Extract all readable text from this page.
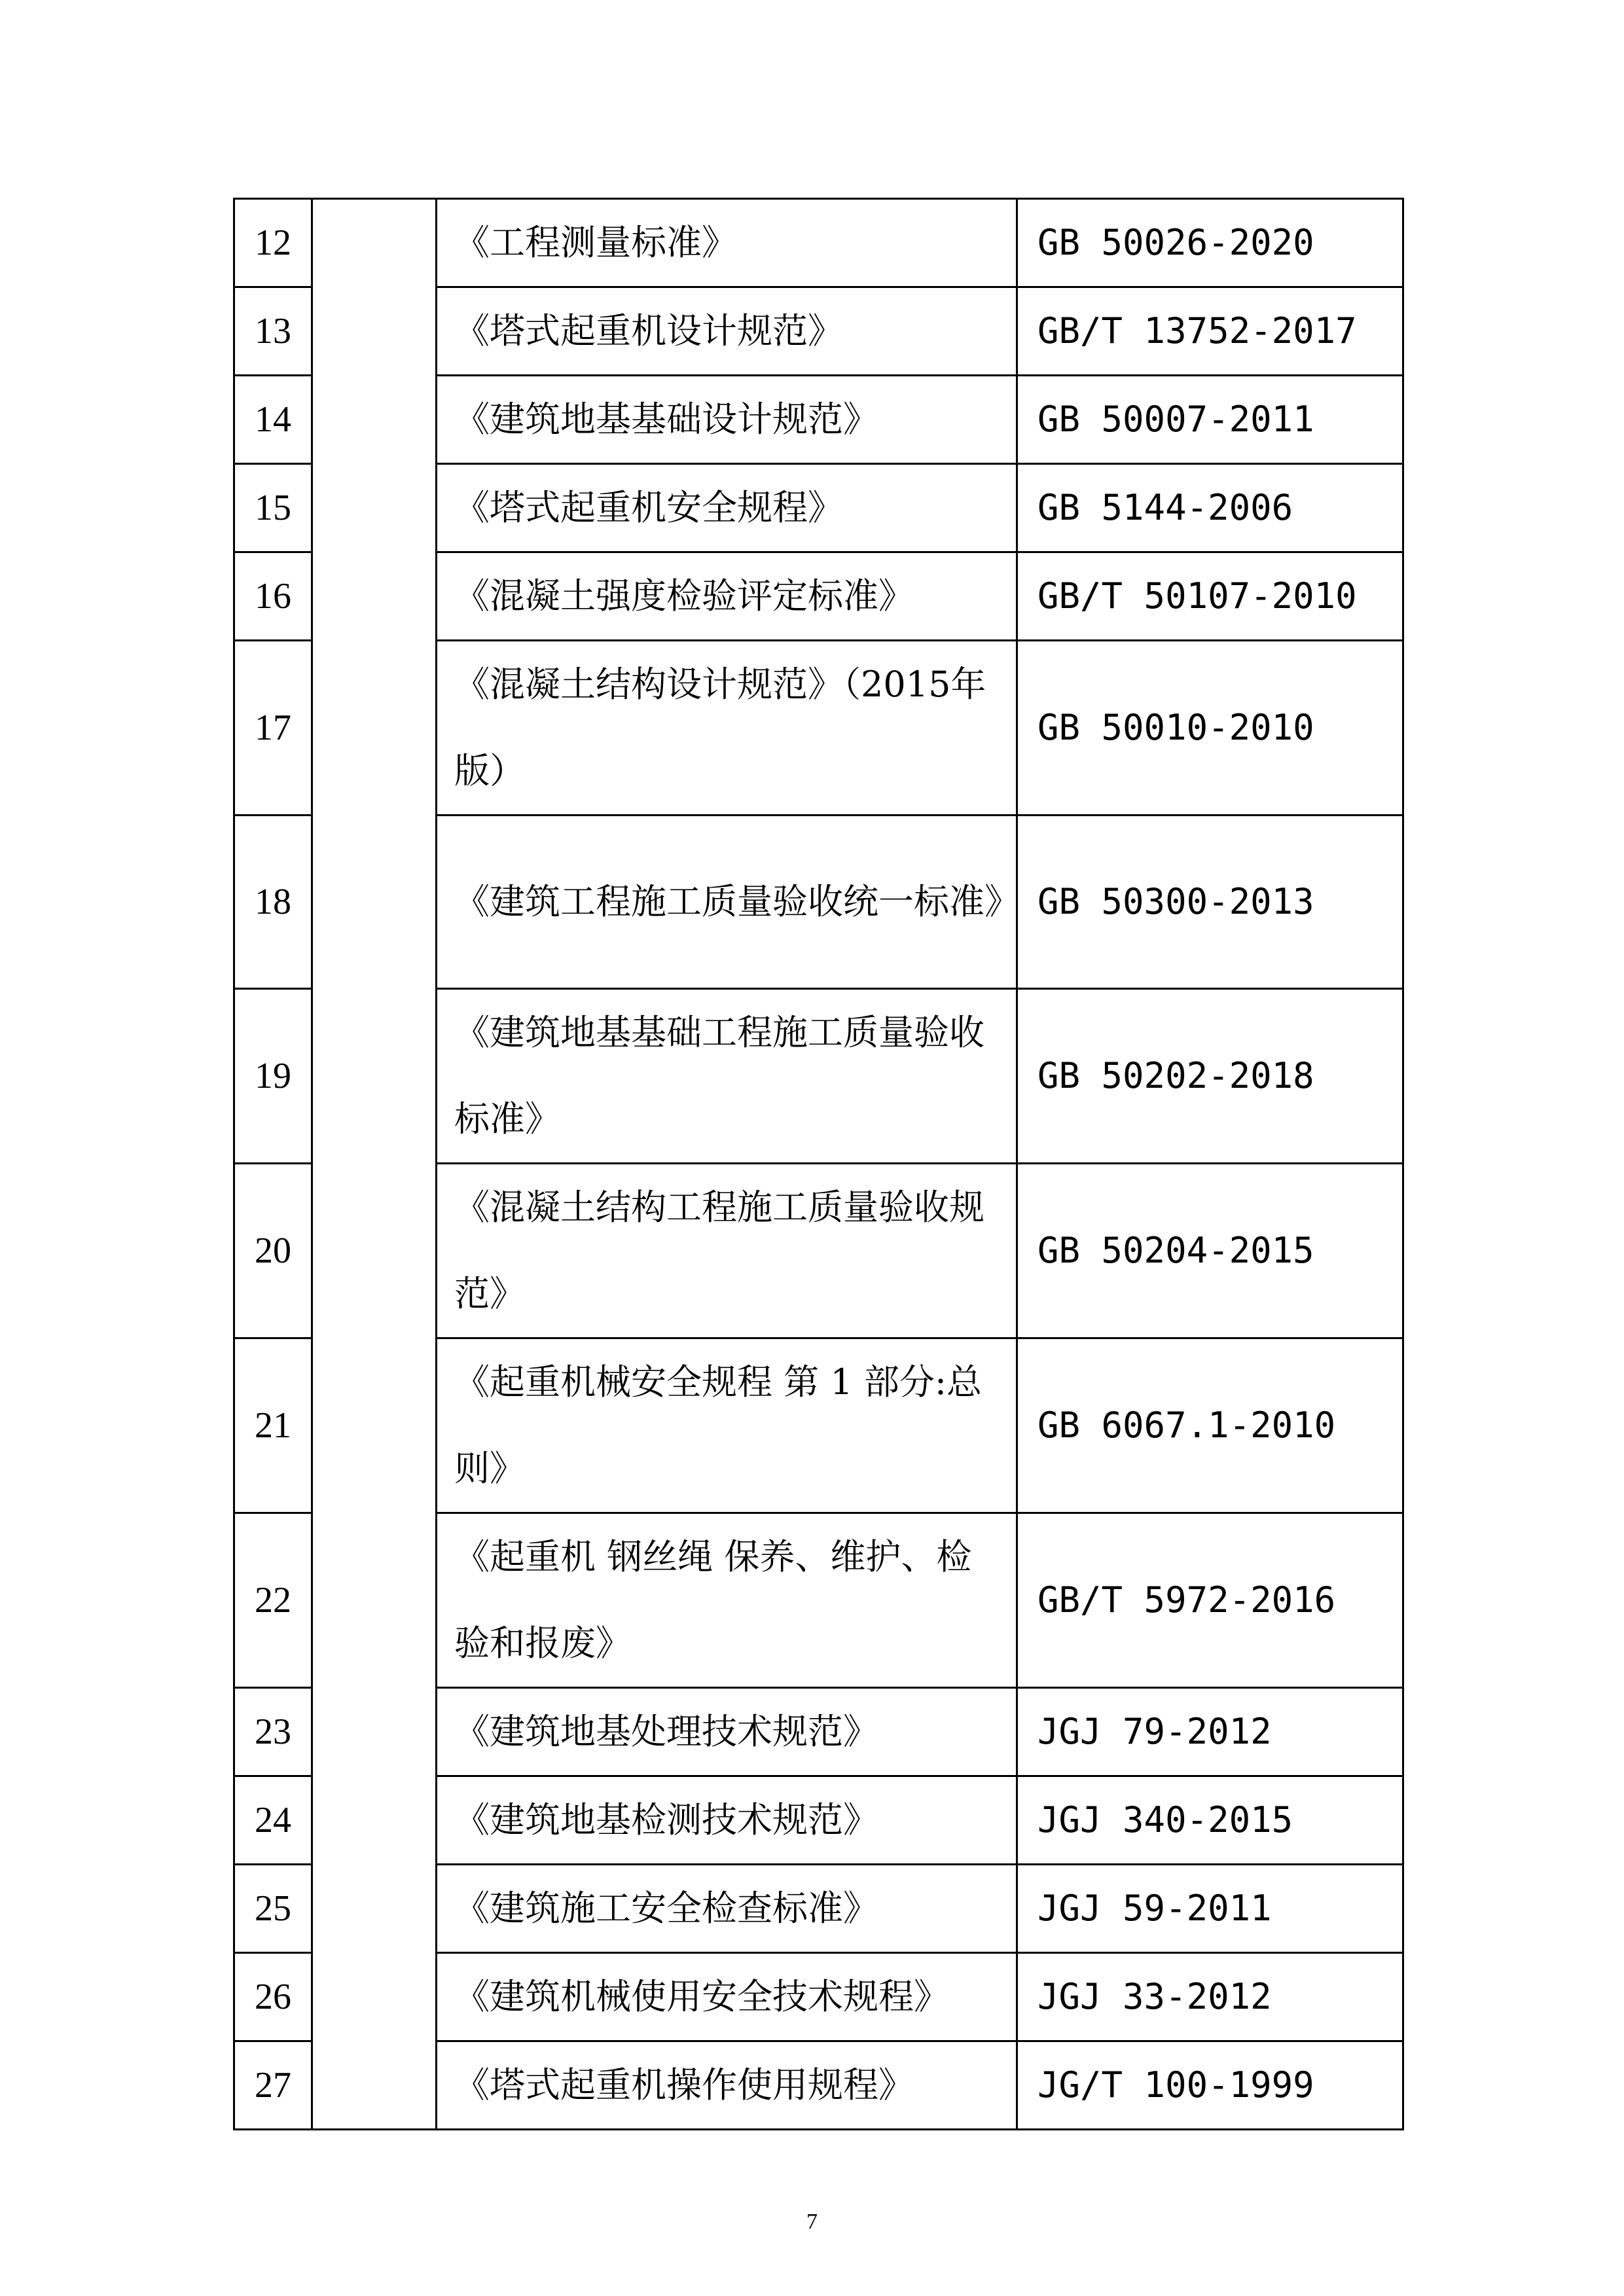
12		《工程测量标准》	GB 50026-2020
13		《塔式起重机设计规范》	GB/T 13752-2017
14		《建筑地基基础设计规范》	GB 50007-2011
15		《塔式起重机安全规程》	GB 5144-2006
16		《混凝土强度检验评定标准》	GB/T 50107-2010
17		《混凝土结构设计规范》（2015年版）	GB 50010-2010
18		《建筑工程施工质量验收统一标准》	GB 50300-2013
19		《建筑地基基础工程施工质量验收标准》	GB 50202-2018
20		《混凝土结构工程施工质量验收规范》	GB 50204-2015
21		《起重机械安全规程 第 1 部分:总则》	GB 6067.1-2010
22		《起重机 钢丝绳 保养、维护、检验和报废》	GB/T 5972-2016
23		《建筑地基处理技术规范》	JGJ 79-2012
24		《建筑地基检测技术规范》	JGJ 340-2015
25		《建筑施工安全检查标准》	JGJ 59-2011
26		《建筑机械使用安全技术规程》	JGJ 33-2012
27		《塔式起重机操作使用规程》	JG/T 100-1999
7
